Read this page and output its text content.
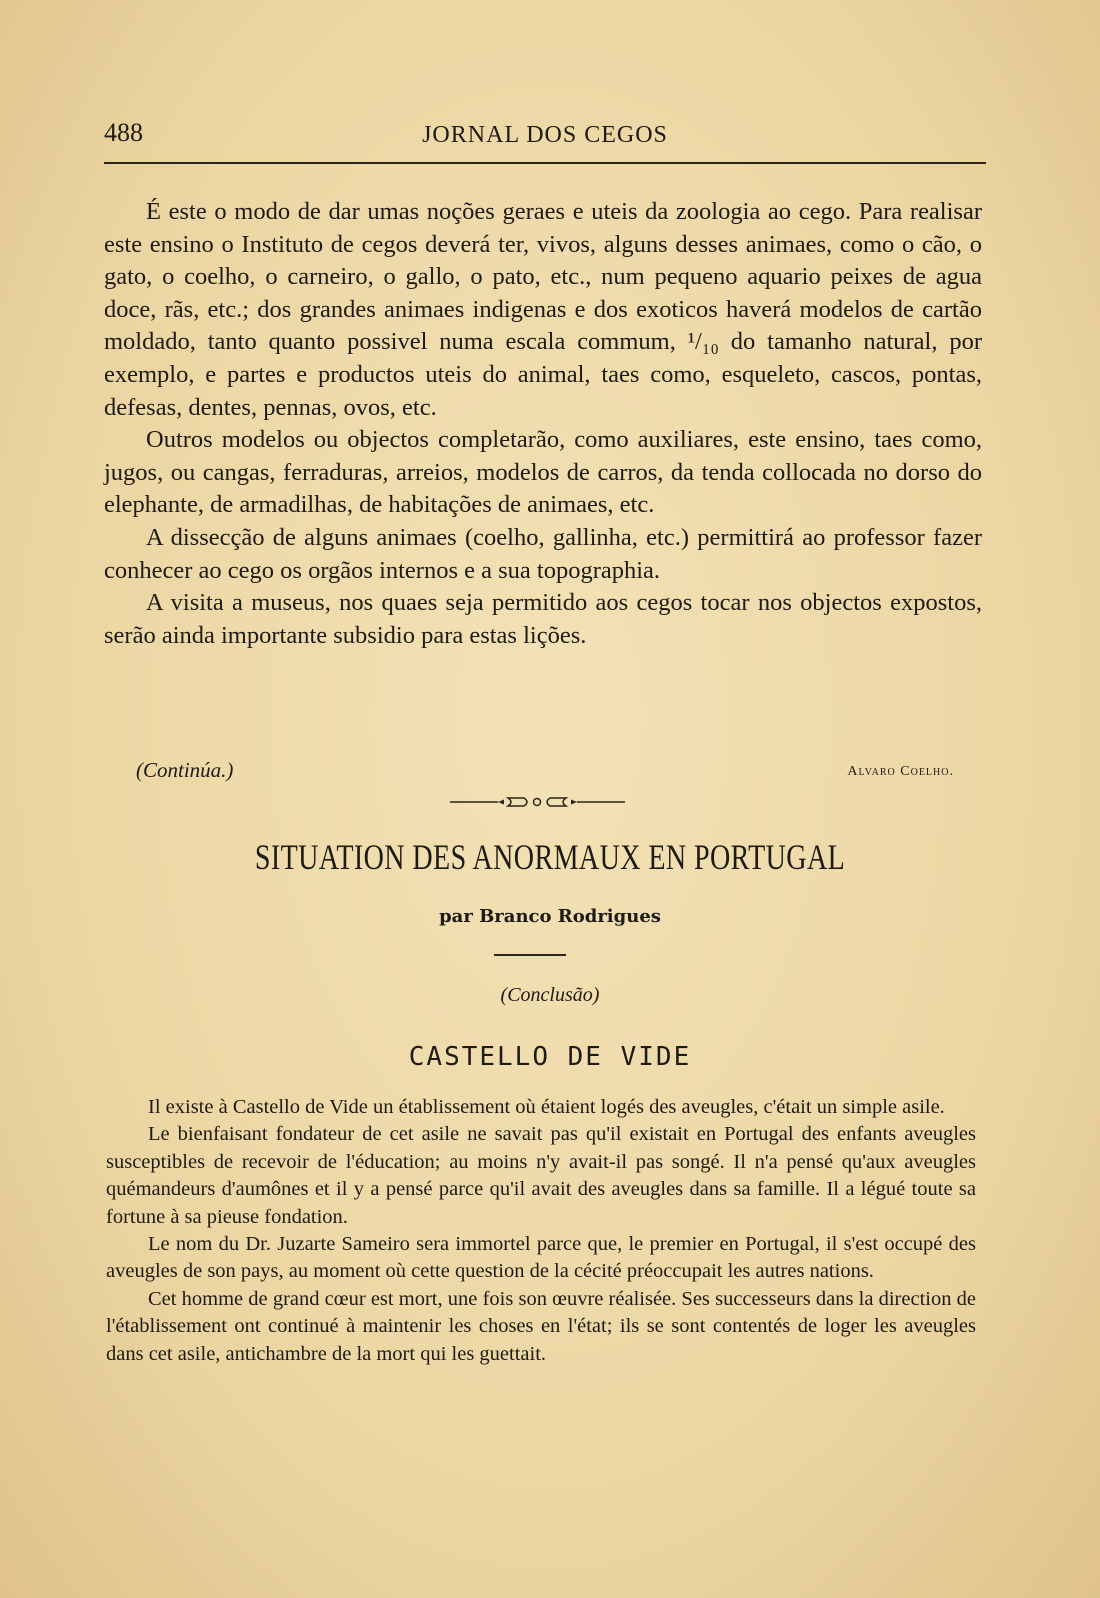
488	JORNAL DOS CEGOS

É este o modo de dar umas noções geraes e uteis da zoologia ao cego. Para realisar este ensino o Instituto de cegos deverá ter, vivos, alguns desses animaes, como o cão, o gato, o coelho, o carneiro, o gallo, o pato, etc., num pequeno aquario peixes de agua doce, rãs, etc.; dos grandes animaes indigenas e dos exoticos haverá modelos de cartão moldado, tanto quanto possivel numa escala commum, ¹/₁₀ do tamanho natural, por exemplo, e partes e productos uteis do animal, taes como, esqueleto, cascos, pontas, defesas, dentes, pennas, ovos, etc.

Outros modelos ou objectos completarão, como auxiliares, este ensino, taes como, jugos, ou cangas, ferraduras, arreios, modelos de carros, da tenda collocada no dorso do elephante, de armadilhas, de habitações de animaes, etc.

A dissecção de alguns animaes (coelho, gallinha, etc.) permittirá ao professor fazer conhecer ao cego os orgãos internos e a sua topographia.

A visita a museus, nos quaes seja permitido aos cegos tocar nos objectos expostos, serão ainda importante subsidio para estas lições.

(Continúa.)	Alvaro Coelho.
SITUATION DES ANORMAUX EN PORTUGAL
par Branco Rodrigues
(Conclusão)
CASTELLO DE VIDE

Il existe à Castello de Vide un établissement où étaient logés des aveugles, c'était un simple asile.

Le bienfaisant fondateur de cet asile ne savait pas qu'il existait en Portugal des enfants aveugles susceptibles de recevoir de l'éducation; au moins n'y avait-il pas songé. Il n'a pensé qu'aux aveugles quémandeurs d'aumônes et il y a pensé parce qu'il avait des aveugles dans sa famille. Il a légué toute sa fortune à sa pieuse fondation.

Le nom du Dr. Juzarte Sameiro sera immortel parce que, le premier en Portugal, il s'est occupé des aveugles de son pays, au moment où cette question de la cécité préoccupait les autres nations.

Cet homme de grand cœur est mort, une fois son œuvre réalisée. Ses successeurs dans la direction de l'établissement ont continué à maintenir les choses en l'état; ils se sont contentés de loger les aveugles dans cet asile, antichambre de la mort qui les guettait.
